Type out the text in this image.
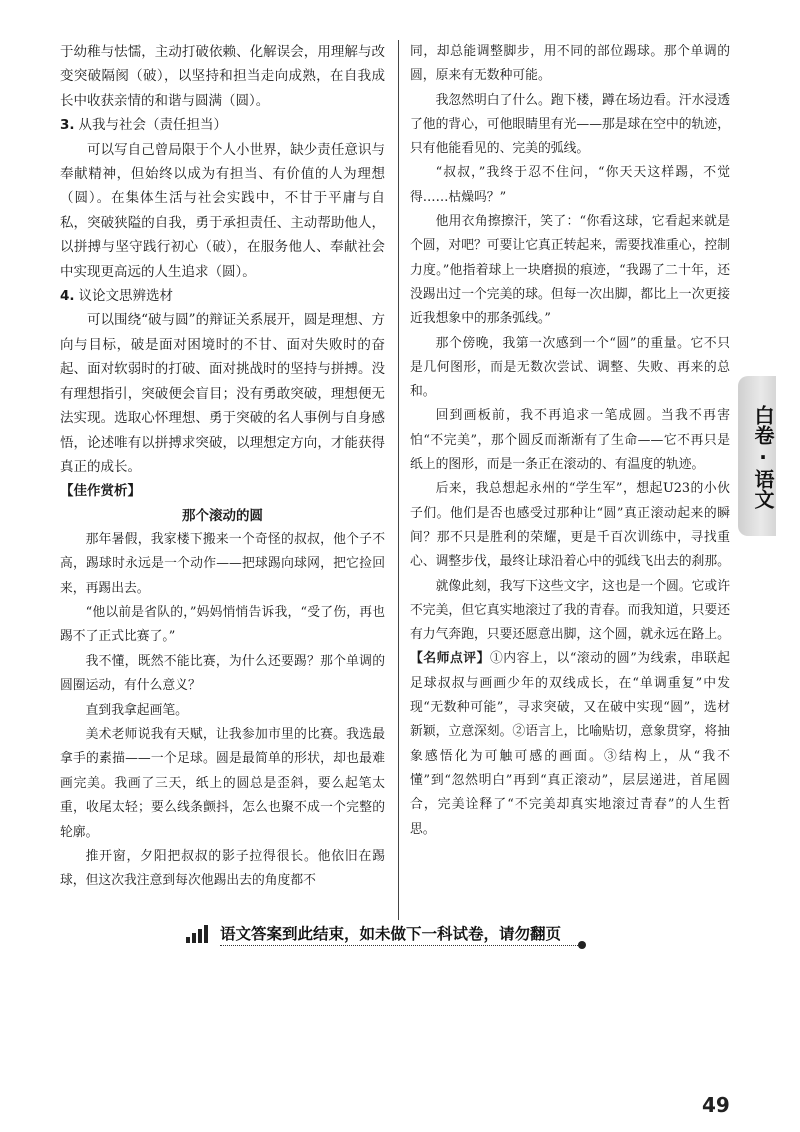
于幼稚与怯懦，主动打破依赖、化解误会，用理解与改变突破隔阂（破），以坚持和担当走向成熟，在自我成长中收获亲情的和谐与圆满（圆）。

3. 从我与社会（责任担当）

可以写自己曾局限于个人小世界，缺少责任意识与奉献精神，但始终以成为有担当、有价值的人为理想（圆）。在集体生活与社会实践中，不甘于平庸与自私，突破狭隘的自我，勇于承担责任、主动帮助他人，以拼搏与坚守践行初心（破），在服务他人、奉献社会中实现更高远的人生追求（圆）。

4. 议论文思辨选材

可以围绕“破与圆”的辩证关系展开，圆是理想、方向与目标，破是面对困境时的不甘、面对失败时的奋起、面对软弱时的打破、面对挑战时的坚持与拼搏。没有理想指引，突破便会盲目；没有勇敢突破，理想便无法实现。选取心怀理想、勇于突破的名人事例与自身感悟，论述唯有以拼搏求突破，以理想定方向，才能获得真正的成长。

【佳作赏析】
那个滚动的圆

那年暑假，我家楼下搬来一个奇怪的叔叔，他个子不高，踢球时永远是一个动作——把球踢向球网，把它捡回来，再踢出去。

“他以前是省队的，”妈妈悄悄告诉我，“受了伤，再也踢不了正式比赛了。”

我不懂，既然不能比赛，为什么还要踢？那个单调的圆圈运动，有什么意义？

直到我拿起画笔。

美术老师说我有天赋，让我参加市里的比赛。我选最拿手的素描——一个足球。圆是最简单的形状，却也最难画完美。我画了三天，纸上的圆总是歪斜，要么起笔太重，收尾太轻；要么线条颤抖，怎么也聚不成一个完整的轮廓。

推开窗，夕阳把叔叔的影子拉得很长。他依旧在踢球，但这次我注意到每次他踢出去的角度都不

同，却总能调整脚步，用不同的部位踢球。那个单调的圆，原来有无数种可能。

我忽然明白了什么。跑下楼，蹲在场边看。汗水浸透了他的背心，可他眼睛里有光——那是球在空中的轨迹，只有他能看见的、完美的弧线。

“叔叔，”我终于忍不住问，“你天天这样踢，不觉得……枯燥吗？”

他用衣角擦擦汗，笑了：“你看这球，它看起来就是个圆，对吧？可要让它真正转起来，需要找准重心，控制力度。”他指着球上一块磨损的痕迹，“我踢了二十年，还没踢出过一个完美的球。但每一次出脚，都比上一次更接近我想象中的那条弧线。”

那个傍晚，我第一次感到一个“圆”的重量。它不只是几何图形，而是无数次尝试、调整、失败、再来的总和。

回到画板前，我不再追求一笔成圆。当我不再害怕“不完美”，那个圆反而渐渐有了生命——它不再只是纸上的图形，而是一条正在滚动的、有温度的轨迹。

后来，我总想起永州的“学生军”，想起U23的小伙子们。他们是否也感受过那种让“圆”真正滚动起来的瞬间？那不只是胜利的荣耀，更是千百次训练中，寻找重心、调整步伐，最终让球沿着心中的弧线飞出去的刹那。

就像此刻，我写下这些文字，这也是一个圆。它或许不完美，但它真实地滚过了我的青春。而我知道，只要还有力气奔跑，只要还愿意出脚，这个圆，就永远在路上。

【名师点评】①内容上，以“滚动的圆”为线索，串联起足球叔叔与画画少年的双线成长，在“单调重复”中发现“无数种可能”，寻求突破，又在破中实现“圆”，选材新颖，立意深刻。②语言上，比喻贴切，意象贯穿，将抽象感悟化为可触可感的画面。③结构上，从“我不懂”到“忽然明白”再到“真正滚动”，层层递进，首尾圆合，完美诠释了“不完美却真实地滚过青春”的人生哲思。

白卷·语文
语文答案到此结束，如未做下一科试卷，请勿翻页
49
